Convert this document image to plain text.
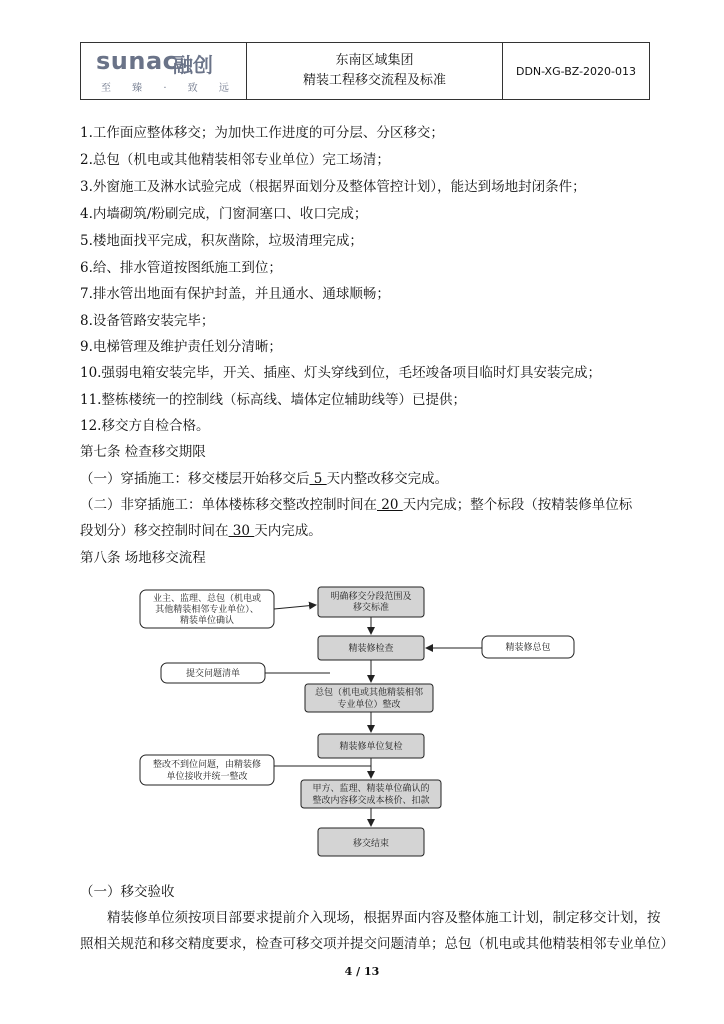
sunac
融创
至 臻 · 致 远
东南区域集团
精装工程移交流程及标准
DDN-XG-BZ-2020-013
1.工作面应整体移交；为加快工作进度的可分层、分区移交；
2.总包（机电或其他精装相邻专业单位）完工场清；
3.外窗施工及淋水试验完成（根据界面划分及整体管控计划），能达到场地封闭条件；
4.内墙砌筑/粉刷完成，门窗洞塞口、收口完成；
5.楼地面找平完成，积灰凿除，垃圾清理完成；
6.给、排水管道按图纸施工到位；
7.排水管出地面有保护封盖，并且通水、通球顺畅；
8.设备管路安装完毕；
9.电梯管理及维护责任划分清晰；
10.强弱电箱安装完毕，开关、插座、灯头穿线到位，毛坯竣备项目临时灯具安装完成；
11.整栋楼统一的控制线（标高线、墙体定位辅助线等）已提供；
12.移交方自检合格。
第七条 检查移交期限
（一）穿插施工：移交楼层开始移交后 5 天内整改移交完成。
（二）非穿插施工：单体楼栋移交整改控制时间在 20 天内完成；整个标段（按精装修单位标
段划分）移交控制时间在 30 天内完成。
第八条 场地移交流程
业主、监理、总包（机电或
其他精装相邻专业单位）、
精装单位确认
明确移交分段范围及
移交标准
精装修检查	精装修总包
提交问题清单
总包（机电或其他精装相邻
专业单位）整改
精装修单位复检
整改不到位问题，由精装修
单位接收并统一整改
甲方、监理、精装单位确认的
整改内容移交成本核价、扣款
移交结束
（一）移交验收
精装修单位须按项目部要求提前介入现场，根据界面内容及整体施工计划，制定移交计划，按
照相关规范和移交精度要求，检查可移交项并提交问题清单；总包（机电或其他精装相邻专业单位）
4 / 13
